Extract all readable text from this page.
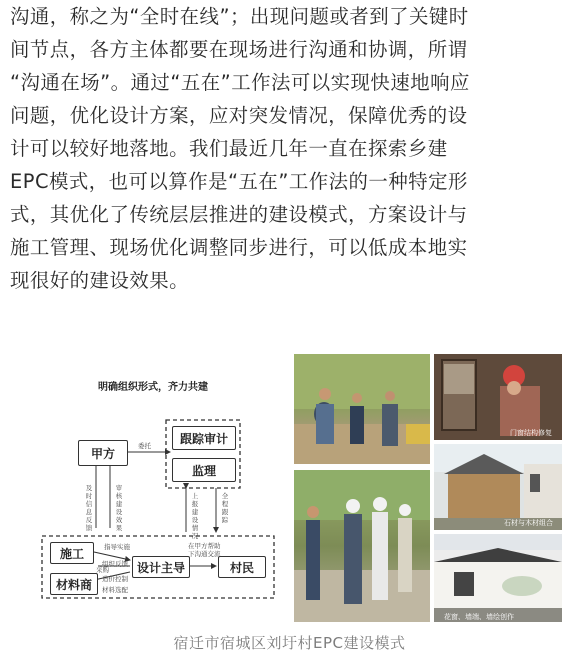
沟通，称之为“全时在线”；出现问题或者到了关键时
间节点，各方主体都要在现场进行沟通和协调，所谓
“沟通在场”。通过“五在”工作法可以实现快速地响应
问题，优化设计方案，应对突发情况，保障优秀的设
计可以较好地落地。我们最近几年一直在探索乡建
EPC模式，也可以算作是“五在”工作法的一种特定形
式，其优化了传统层层推进的建设模式，方案设计与
施工管理、现场优化调整同步进行，可以低成本地实
现很好的建设效果。

明确组织形式，齐力共建
甲方
跟踪审计
监理
施工
材料商
设计主导	村民
委托
及时信息反馈
审核建设效果
上报建设情况
全程跟踪
指导实施
组织反馈
造价控制
采购
材料选配
在甲方帮助
下沟通交流
门窗结构修复
石材与木材组合
花窗、墙端、墙绘创作
宿迁市宿城区刘圩村EPC建设模式
